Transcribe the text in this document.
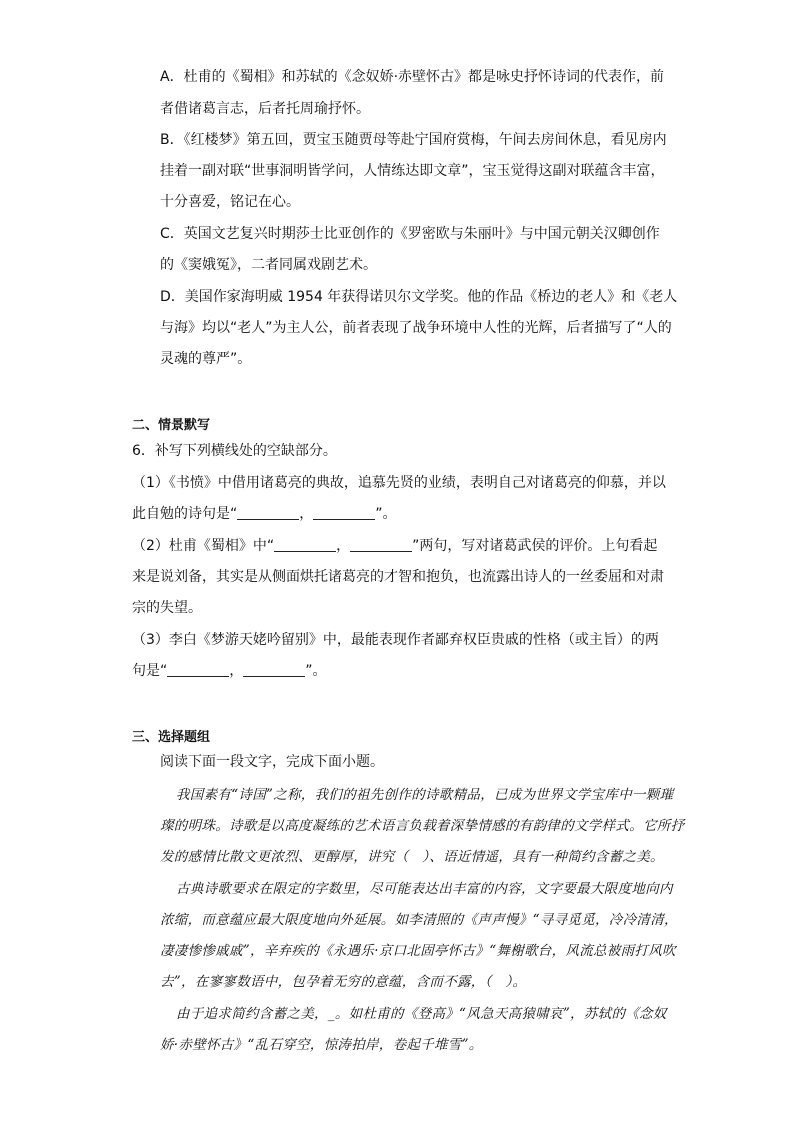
A．杜甫的《蜀相》和苏轼的《念奴娇·赤壁怀古》都是咏史抒怀诗词的代表作，前
者借诸葛言志，后者托周瑜抒怀。
B．《红楼梦》第五回，贾宝玉随贾母等赴宁国府赏梅，午间去房间休息，看见房内
挂着一副对联“世事洞明皆学问，人情练达即文章”，宝玉觉得这副对联蕴含丰富，
十分喜爱，铭记在心。
C．英国文艺复兴时期莎士比亚创作的《罗密欧与朱丽叶》与中国元朝关汉卿创作
的《窦娥冤》，二者同属戏剧艺术。
D．美国作家海明威 1954 年获得诺贝尔文学奖。他的作品《桥边的老人》和《老人
与海》均以“老人”为主人公，前者表现了战争环境中人性的光辉，后者描写了“人的
灵魂的尊严”。
二、情景默写
6．补写下列横线处的空缺部分。
（1）《书愤》中借用诸葛亮的典故，追慕先贤的业绩，表明自己对诸葛亮的仰慕，并以
此自勉的诗句是“	，	”。
（2）杜甫《蜀相》中“	，	”两句，写对诸葛武侯的评价。上句看起
来是说刘备，其实是从侧面烘托诸葛亮的才智和抱负，也流露出诗人的一丝委屈和对肃
宗的失望。
（3）李白《梦游天姥吟留别》中，最能表现作者鄙弃权臣贵戚的性格（或主旨）的两
句是“	，	”。
三、选择题组
阅读下面一段文字，完成下面小题。
我国素有“诗国”之称，我们的祖先创作的诗歌精品，已成为世界文学宝库中一颗璀
璨的明珠。诗歌是以高度凝练的艺术语言负载着深挚情感的有韵律的文学样式。它所抒
发的感情比散文更浓烈、更醇厚，讲究（   ）、语近情遥，具有一种简约含蓄之美。
古典诗歌要求在限定的字数里，尽可能表达出丰富的内容，文字要最大限度地向内
浓缩，而意蕴应最大限度地向外延展。如李清照的《声声慢》“寻寻觅觅，冷冷清清，
凄凄惨惨戚戚”，辛弃疾的《永遇乐·京口北固亭怀古》“舞榭歌台，风流总被雨打风吹
去”，在寥寥数语中，包孕着无穷的意蕴，含而不露，（   ）。
由于追求简约含蓄之美，_。如杜甫的《登高》“风急天高猿啸哀”，苏轼的《念奴
娇·赤壁怀古》“乱石穿空，惊涛拍岸，卷起千堆雪”。
